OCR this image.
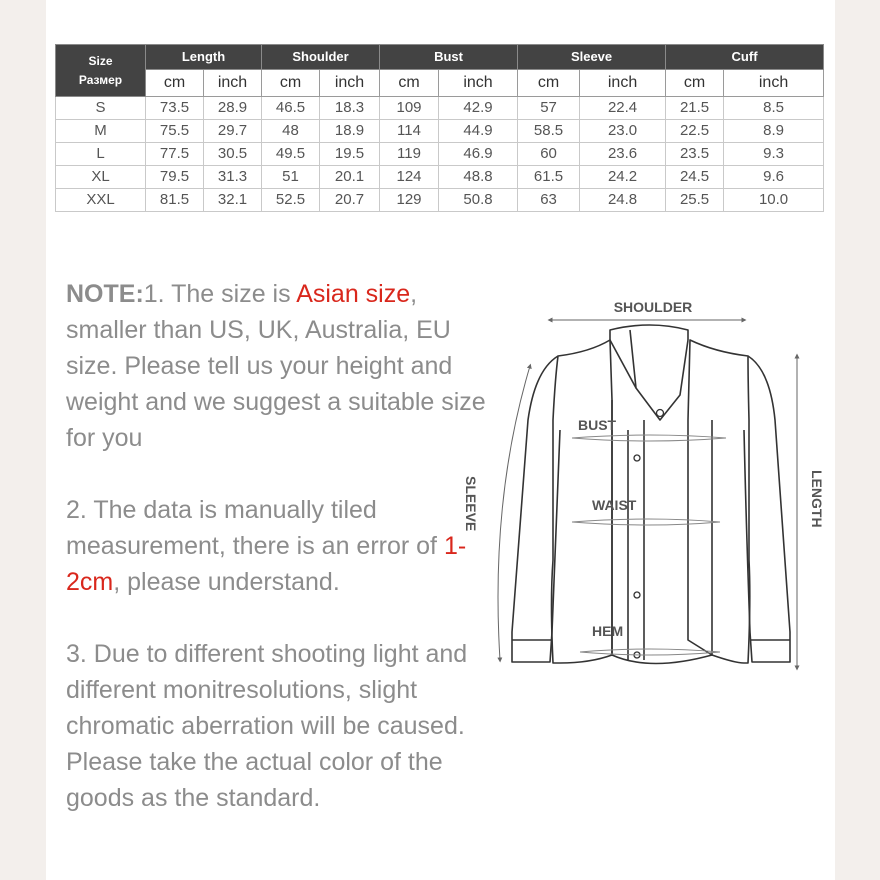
Size
Размер	Length		Shoulder		Bust		Sleeve		Cuff	
	cm	inch	cm	inch	cm	inch	cm	inch	cm	inch
S	73.5	28.9	46.5	18.3	109	42.9	57	22.4	21.5	8.5
M	75.5	29.7	48	18.9	114	44.9	58.5	23.0	22.5	8.9
L	77.5	30.5	49.5	19.5	119	46.9	60	23.6	23.5	9.3
XL	79.5	31.3	51	20.1	124	48.8	61.5	24.2	24.5	9.6
XXL	81.5	32.1	52.5	20.7	129	50.8	63	24.8	25.5	10.0

NOTE:1. The size is Asian size, smaller than US, UK, Australia, EU size. Please tell us your height and weight and we suggest a suitable size for you

2. The data is manually tiled measurement, there is an error of 1-2cm, please understand.

3. Due to different shooting light and different monitresolutions, slight chromatic aberration will be caused. Please take the actual color of the goods as the standard.

SHOULDER
BUST
WAIST
HEM
SLEEVE	LENGTH
